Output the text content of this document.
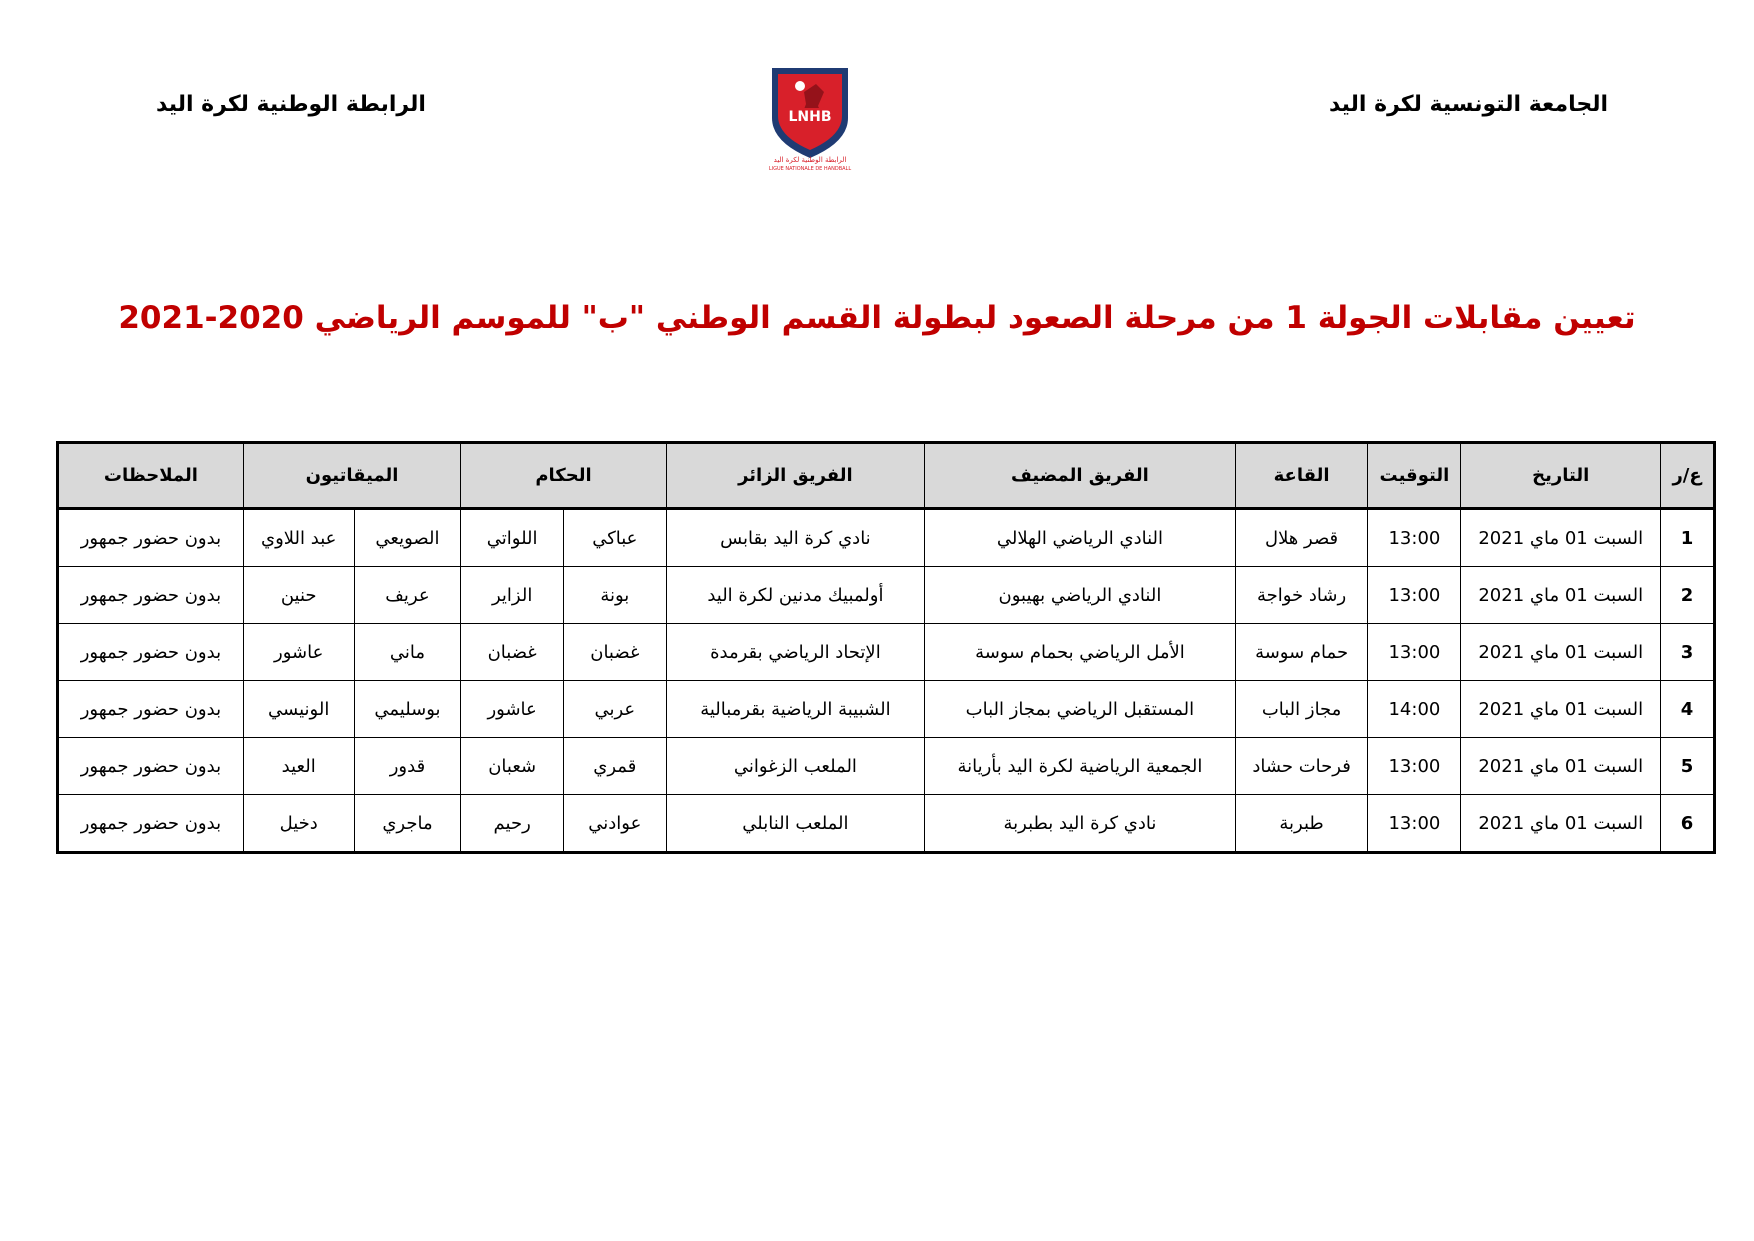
الجامعة التونسية لكرة اليد
الرابطة الوطنية لكرة اليد	LNHB
الرابطة الوطنية لكرة اليد
LIGUE NATIONALE DE HANDBALL
تعيين مقابلات الجولة 1 من مرحلة الصعود لبطولة القسم الوطني "ب" للموسم الرياضي 2020-2021
ع/ر	التاريخ	التوقيت	القاعة	الفريق المضيف	الفريق الزائر	الحكام		الميقاتيون		الملاحظات
1	السبت 01 ماي 2021	13:00	قصر هلال	النادي الرياضي الهلالي	نادي كرة اليد بقابس	عباكي	اللواتي	الصويعي	عبد اللاوي	بدون حضور جمهور
2	السبت 01 ماي 2021	13:00	رشاد خواجة	النادي الرياضي بهيبون	أولمبيك مدنين لكرة اليد	بونة	الزاير	عريف	حنين	بدون حضور جمهور
3	السبت 01 ماي 2021	13:00	حمام سوسة	الأمل الرياضي بحمام سوسة	الإتحاد الرياضي بقرمدة	غضبان	غضبان	ماني	عاشور	بدون حضور جمهور
4	السبت 01 ماي 2021	14:00	مجاز الباب	المستقبل الرياضي بمجاز الباب	الشبيبة الرياضية بقرمبالية	عربي	عاشور	بوسليمي	الونيسي	بدون حضور جمهور
5	السبت 01 ماي 2021	13:00	فرحات حشاد	الجمعية الرياضية لكرة اليد بأريانة	الملعب الزغواني	قمري	شعبان	قدور	العيد	بدون حضور جمهور
6	السبت 01 ماي 2021	13:00	طبربة	نادي كرة اليد بطبربة	الملعب النابلي	عوادني	رحيم	ماجري	دخيل	بدون حضور جمهور
